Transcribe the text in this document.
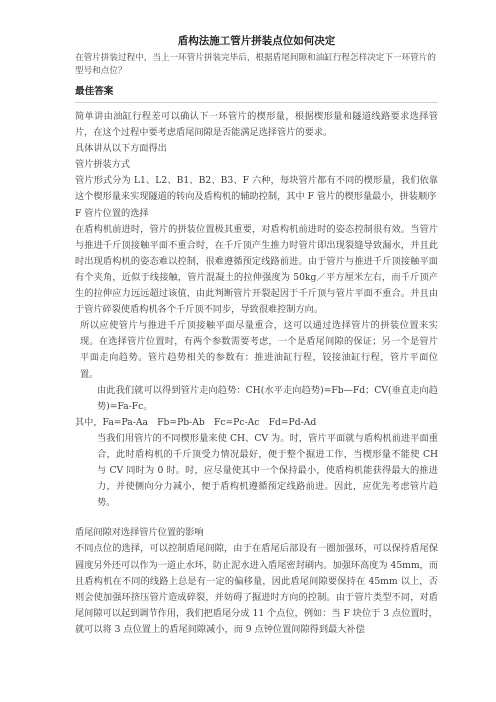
盾构法施工管片拼装点位如何决定

在管片拼装过程中，当上一环管片拼装完毕后，根据盾尾间隙和油缸行程怎样决定下一环管片的型号和点位？

最佳答案

简单讲由油缸行程差可以确认下一环管片的楔形量，根据楔形量和隧道线路要求选择管片，在这个过程中要考虑盾尾间隙是否能满足选择管片的要求。

具体讲从以下方面得出

管片拼装方式

管片形式分为 L1、L2、B1、B2、B3、F 六种，每块管片都有不同的楔形量，我们依靠这个楔形量来实现隧道的转向及盾构机的辅助控制，其中 F 管片的楔形量最小，拼装顺序

F 管片位置的选择

在盾构机前进时，管片的拼装位置极其重要，对盾构机前进时的姿态控制很有效。当管片与推进千斤顶接触平面不重合时，在千斤顶产生推力时管片即出现裂缝导致漏水，并且此时出现盾构机的姿态难以控制，很难遵循预定线路前进。由于管片与推进千斤顶接触平面有个夹角，近似于线接触，管片混凝土的拉伸强度为 50kg／平方厘米左右，而千斤顶产生的拉伸应力远远超过该值，由此判断管片开裂起因于千斤顶与管片平面不重合。并且由于管片碎裂使盾构机各个千斤顶不同步，导致很难控制方向。

所以应使管片与推进千斤顶接触平面尽量重合，这可以通过选择管片的拼装位置来实现。在选择管片位置时，有两个参数需要考虑，一个是盾尾间隙的保证；另一个是管片平面走向趋势。管片趋势相关的参数有：推进油缸行程，铰接油缸行程，管片平面位置。

由此我们就可以得到管片走向趋势：CH(水平走向趋势)=Fb—Fd；CV(垂直走向趋势)=Fa-Fc。

其中，Fa=Pa-Aa　Fb=Pb-Ab　Fc=Pc-Ac　Fd=Pd-Ad

当我们用管片的不同楔形量来使 CH、CV 为。时，管片平面就与盾构机前进平面重合，此时盾构机的千斤顶受力情况最好，便于整个掘进工作，当楔形量不能使 CH 与 CV 同时为 0 时。时，应尽量使其中一个保持最小，使盾构机能获得最大的推进力，并使侧向分力减小，便于盾构机遵循预定线路前进。因此，应优先考虑管片趋势。

盾尾间隙对选择管片位置的影响

不同点位的选择，可以控制盾尾间隙，由于在盾尾后部设有一圈加强环，可以保持盾尾保圆度另外还可以作为一道止水环，防止泥水进入盾尾密封刷内。加强环高度为 45mm，而且盾构机在不同的线路上总是有一定的偏移量，因此盾尾间隙要保持在 45mm 以上，否则会使加强环挤压管片造成碎裂，并妨碍了掘进时方向的控制。由于管片类型不同，对盾尾间隙可以起到调节作用，我们把盾尾分成 11 个点位，例如：当 F 块位于 3 点位置时，就可以将 3 点位置上的盾尾间隙减小，而 9 点钟位置间隙得到最大补偿
